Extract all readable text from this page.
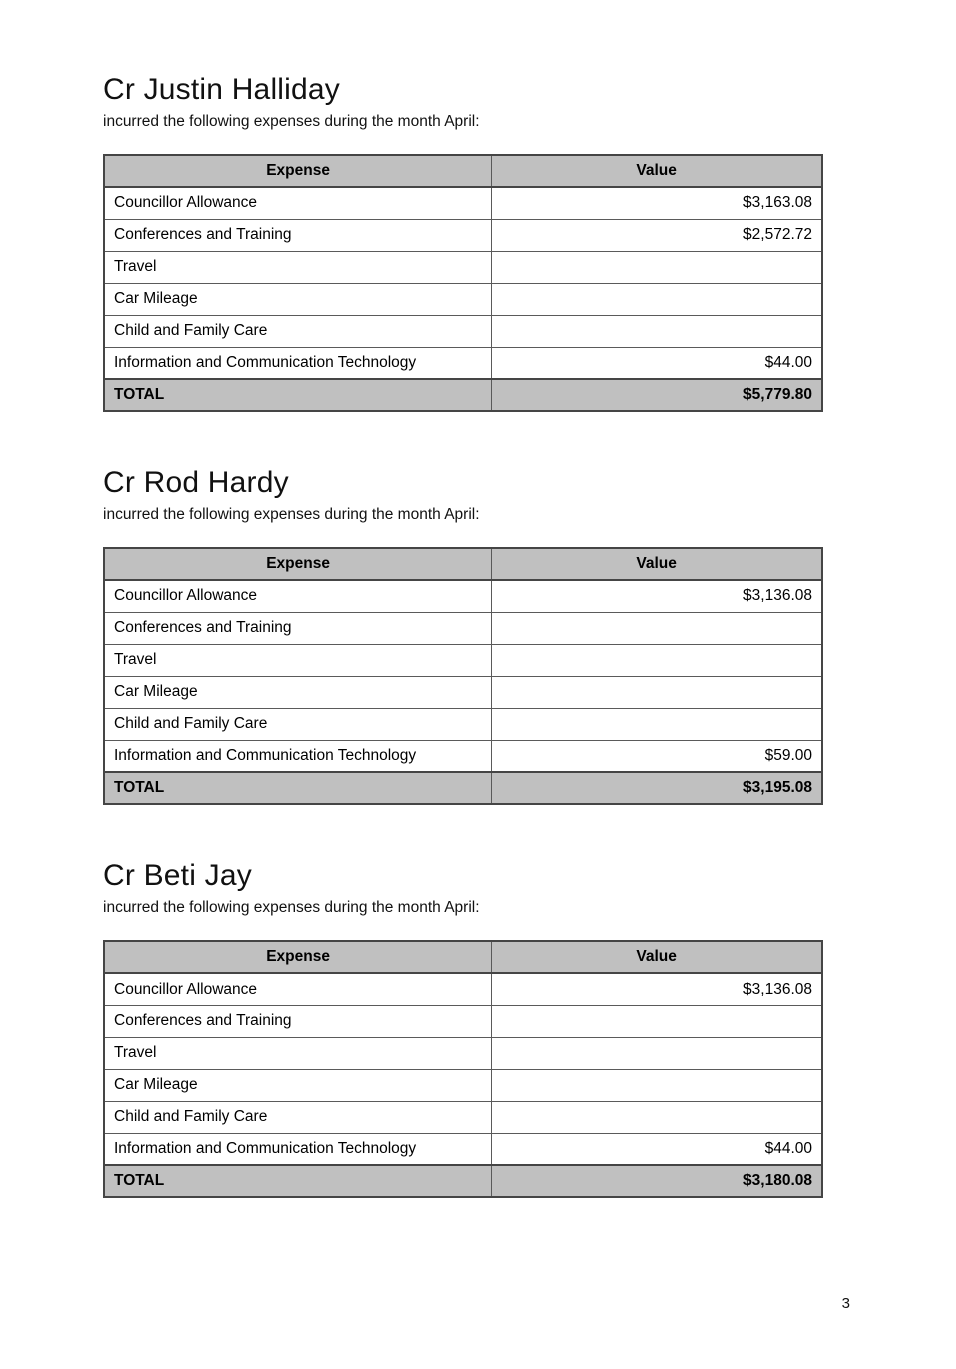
Cr Justin Halliday
incurred the following expenses during the month April:
Expense	Value
Councillor Allowance	$3,163.08
Conferences and Training	$2,572.72
Travel	
Car Mileage	
Child and Family Care	
Information and Communication Technology	$44.00
TOTAL	$5,779.80
Cr Rod Hardy
incurred the following expenses during the month April:
Expense	Value
Councillor Allowance	$3,136.08
Conferences and Training	
Travel	
Car Mileage	
Child and Family Care	
Information and Communication Technology	$59.00
TOTAL	$3,195.08
Cr Beti Jay
incurred the following expenses during the month April:
Expense	Value
Councillor Allowance	$3,136.08
Conferences and Training	
Travel	
Car Mileage	
Child and Family Care	
Information and Communication Technology	$44.00
TOTAL	$3,180.08
3
